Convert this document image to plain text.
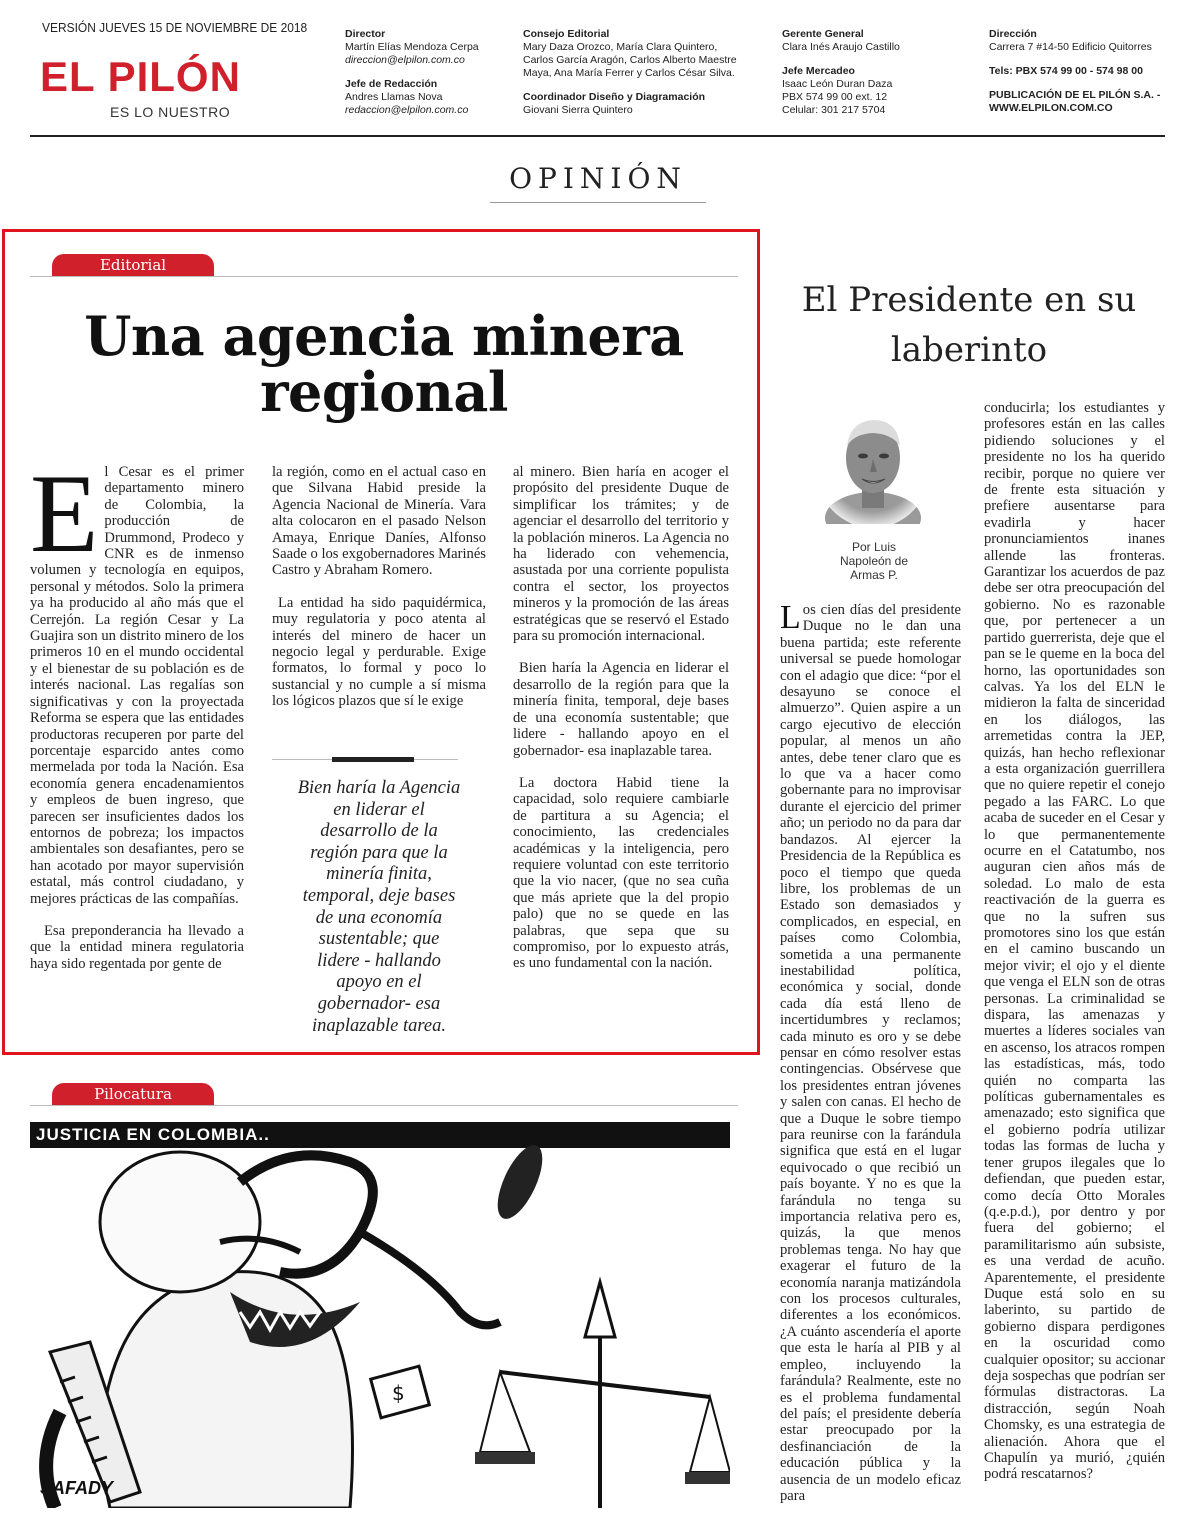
VERSIÓN JUEVES 15 DE NOVIEMBRE DE 2018
EL PILÓN
ES LO NUESTRO
Director
Martín Elías Mendoza Cerpa
direccion@elpilon.com.co
Jefe de Redacción
Andres Llamas Nova
redaccion@elpilon.com.co
Consejo Editorial
Mary Daza Orozco, María Clara Quintero,
Carlos García Aragón, Carlos Alberto Maestre
Maya, Ana María Ferrer y Carlos César Silva.
Coordinador Diseño y Diagramación
Giovani Sierra Quintero
Gerente General
Clara Inés Araujo Castillo
Jefe Mercadeo
Isaac León Duran Daza
PBX 574 99 00 ext. 12
Celular: 301 217 5704
Dirección
Carrera 7 #14-50 Edificio Quitorres
Tels: PBX 574 99 00 - 574 98 00
PUBLICACIÓN DE EL PILÓN S.A. -
WWW.ELPILON.COM.CO
OPINIÓN
Editorial
Una agencia minera
regional

El Cesar es el primer departamento minero de Colombia, la producción de Drummond, Prodeco y CNR es de inmenso volumen y tecnología en equipos, personal y métodos. Solo la primera ya ha producido al año más que el Cerrejón. La región Cesar y La Guajira son un distrito minero de los primeros 10 en el mundo occidental y el bienestar de su población es de interés nacional. Las regalías son significativas y con la proyectada Reforma se espera que las entidades productoras recuperen por parte del porcentaje esparcido antes como mermelada por toda la Nación. Esa economía genera encadenamientos y empleos de buen ingreso, que parecen ser insuficientes dados los entornos de pobreza; los impactos ambientales son desafiantes, pero se han acotado por mayor supervisión estatal, más control ciudadano, y mejores prácticas de las compañías.

Esa preponderancia ha llevado a que la entidad minera regulatoria haya sido regentada por gente de

la región, como en el actual caso en que Silvana Habid preside la Agencia Nacional de Minería. Vara alta colocaron en el pasado Nelson Amaya, Enrique Daníes, Alfonso Saade o los exgobernadores Marinés Castro y Abraham Romero.

La entidad ha sido paquidérmica, muy regulatoria y poco atenta al interés del minero de hacer un negocio legal y perdurable. Exige formatos, lo formal y poco lo sustancial y no cumple a sí misma los lógicos plazos que sí le exige

Bien haría la Agencia en liderar el desarrollo de la región para que la minería finita, temporal, deje bases de una economía sustentable; que lidere - hallando apoyo en el gobernador- esa inaplazable tarea.

al minero. Bien haría en acoger el propósito del presidente Duque de simplificar los trámites; y de agenciar el desarrollo del territorio y la población mineros. La Agencia no ha liderado con vehemencia, asustada por una corriente populista contra el sector, los proyectos mineros y la promoción de las áreas estratégicas que se reservó el Estado para su promoción internacional.

Bien haría la Agencia en liderar el desarrollo de la región para que la minería finita, temporal, deje bases de una economía sustentable; que lidere - hallando apoyo en el gobernador- esa inaplazable tarea.

La doctora Habid tiene la capacidad, solo requiere cambiarle de partitura a su Agencia; el conocimiento, las credenciales académicas y la inteligencia, pero requiere voluntad con este territorio que la vio nacer, (que no sea cuña que más apriete que la del propio palo) que no se quede en las palabras, que sepa que su compromiso, por lo expuesto atrás, es uno fundamental con la nación.

El Presidente en su
laberinto
Por Luis
Napoleón de
Armas P.

Los cien días del presidente Duque no le dan una buena partida; este referente universal se puede homologar con el adagio que dice: “por el desayuno se conoce el almuerzo”. Quien aspire a un cargo ejecutivo de elección popular, al menos un año antes, debe tener claro que es lo que va a hacer como gobernante para no improvisar durante el ejercicio del primer año; un periodo no da para dar bandazos. Al ejercer la Presidencia de la República es poco el tiempo que queda libre, los problemas de un Estado son demasiados y complicados, en especial, en países como Colombia, sometida a una permanente inestabilidad política, económica y social, donde cada día está lleno de incertidumbres y reclamos; cada minuto es oro y se debe pensar en cómo resolver estas contingencias. Obsérvese que los presidentes entran jóvenes y salen con canas. El hecho de que a Duque le sobre tiempo para reunirse con la farándula significa que está en el lugar equivocado o que recibió un país boyante. Y no es que la farándula no tenga su importancia relativa pero es, quizás, la que menos problemas tenga. No hay que exagerar el futuro de la economía naranja matizándola con los procesos culturales, diferentes a los económicos. ¿A cuánto ascendería el aporte que esta le haría al PIB y al empleo, incluyendo la farándula? Realmente, este no es el problema fundamental del país; el presidente debería estar preocupado por la desfinanciación de la educación pública y la ausencia de un modelo eficaz para

conducirla; los estudiantes y profesores están en las calles pidiendo soluciones y el presidente no los ha querido recibir, porque no quiere ver de frente esta situación y prefiere ausentarse para evadirla y hacer pronunciamientos inanes allende las fronteras. Garantizar los acuerdos de paz debe ser otra preocupación del gobierno. No es razonable que, por pertenecer a un partido guerrerista, deje que el pan se le queme en la boca del horno, las oportunidades son calvas. Ya los del ELN le midieron la falta de sinceridad en los diálogos, las arremetidas contra la JEP, quizás, han hecho reflexionar a esta organización guerrillera que no quiere repetir el conejo pegado a las FARC. Lo que acaba de suceder en el Cesar y lo que permanentemente ocurre en el Catatumbo, nos auguran cien años más de soledad. Lo malo de esta reactivación de la guerra es que no la sufren sus promotores sino los que están en el camino buscando un mejor vivir; el ojo y el diente que venga el ELN son de otras personas. La criminalidad se dispara, las amenazas y muertes a líderes sociales van en ascenso, los atracos rompen las estadísticas, más, todo quién no comparta las políticas gubernamentales es amenazado; esto significa que el gobierno podría utilizar todas las formas de lucha y tener grupos ilegales que lo defiendan, que pueden estar, como decía Otto Morales (q.e.p.d.), por dentro y por fuera del gobierno; el paramilitarismo aún subsiste, es una verdad de acuño. Aparentemente, el presidente Duque está solo en su laberinto, su partido de gobierno dispara perdigones en la oscuridad como cualquier opositor; su accionar deja sospechas que podrían ser fórmulas distractoras. La distracción, según Noah Chomsky, es una estrategia de alienación. Ahora que el Chapulín ya murió, ¿quién podrá rescatarnos?

Pilocatura
$
JUSTICIA EN COLOMBIA..
SAFADY
